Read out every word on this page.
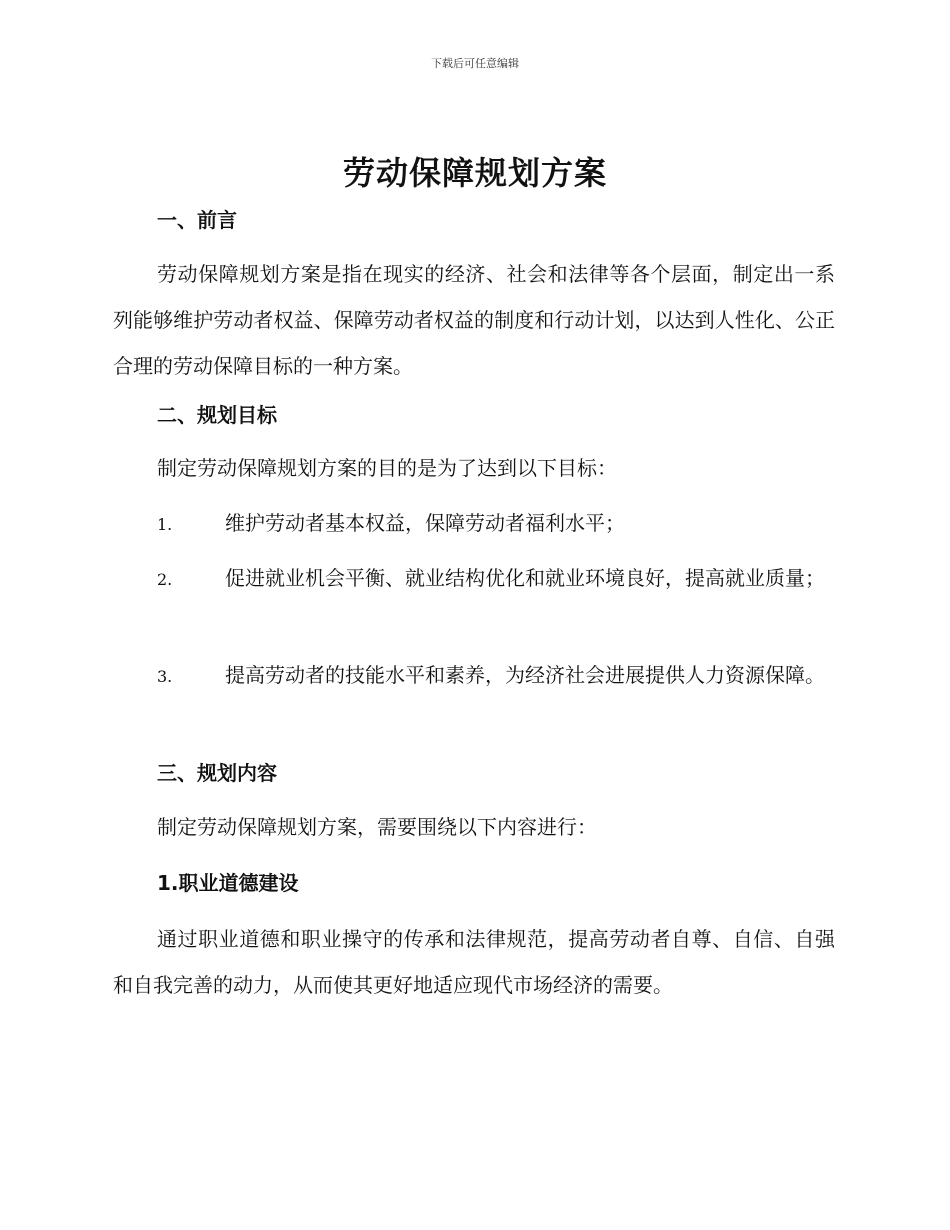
下载后可任意编辑
劳动保障规划方案
一、前言

劳动保障规划方案是指在现实的经济、社会和法律等各个层面，制定出一系列能够维护劳动者权益、保障劳动者权益的制度和行动计划，以达到人性化、公正合理的劳动保障目标的一种方案。

二、规划目标

制定劳动保障规划方案的目的是为了达到以下目标：

1.	维护劳动者基本权益，保障劳动者福利水平；

2.	促进就业机会平衡、就业结构优化和就业环境良好，提高就业质量；

3.	提高劳动者的技能水平和素养，为经济社会进展提供人力资源保障。

三、规划内容

制定劳动保障规划方案，需要围绕以下内容进行：

1.职业道德建设

通过职业道德和职业操守的传承和法律规范，提高劳动者自尊、自信、自强和自我完善的动力，从而使其更好地适应现代市场经济的需要。
